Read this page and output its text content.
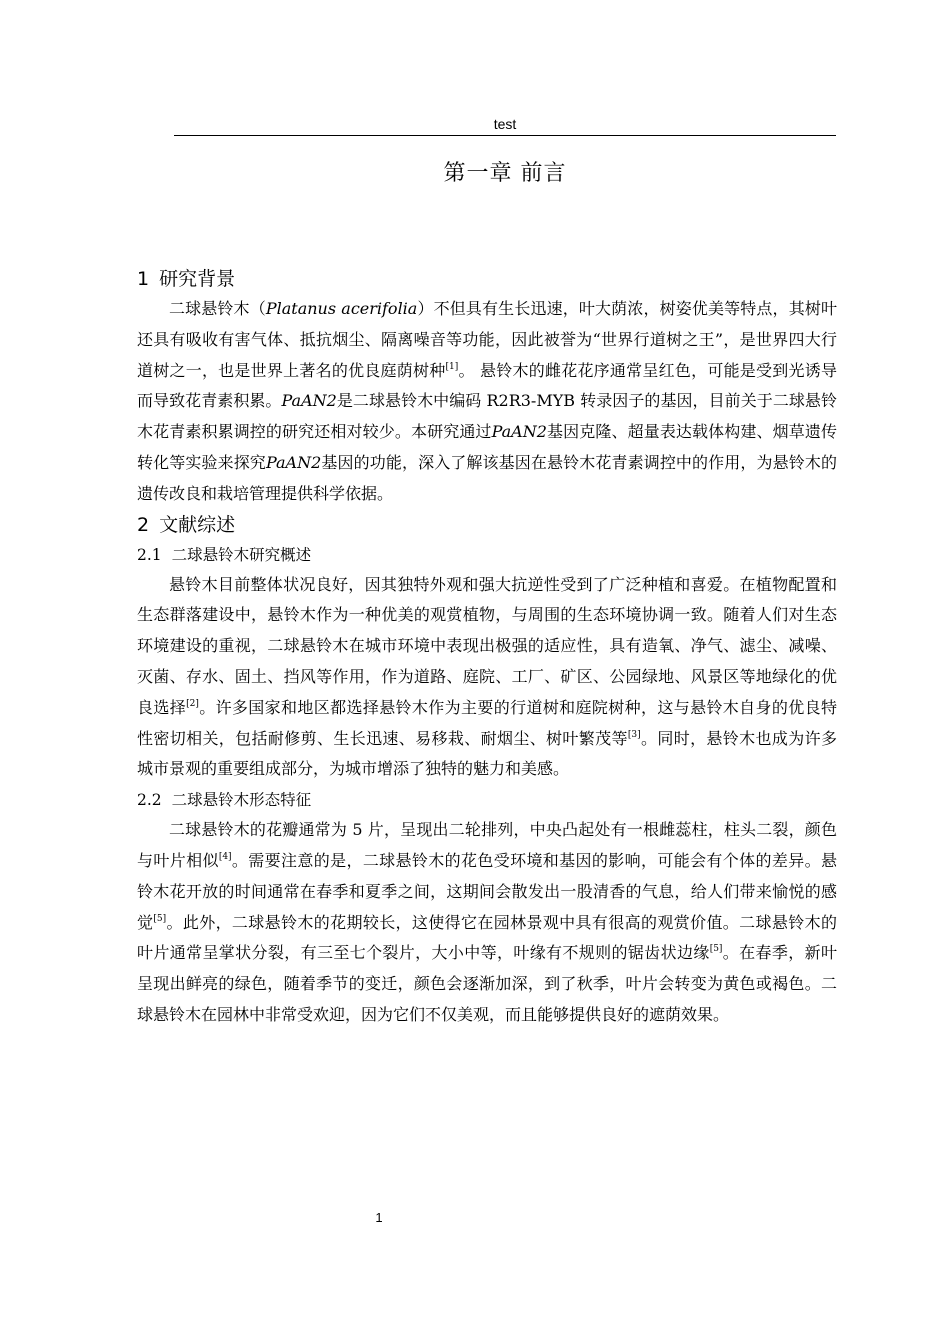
test
第一章 前言

1 研究背景

二球悬铃木（Platanus acerifolia）不但具有生长迅速，叶大荫浓，树姿优美等特点，其树叶还具有吸收有害气体、抵抗烟尘、隔离噪音等功能，因此被誉为“世界行道树之王”，是世界四大行道树之一，也是世界上著名的优良庭荫树种[1]。 悬铃木的雌花花序通常呈红色，可能是受到光诱导而导致花青素积累。PaAN2是二球悬铃木中编码 R2R3-MYB 转录因子的基因，目前关于二球悬铃木花青素积累调控的研究还相对较少。本研究通过PaAN2基因克隆、超量表达载体构建、烟草遗传转化等实验来探究PaAN2基因的功能，深入了解该基因在悬铃木花青素调控中的作用，为悬铃木的遗传改良和栽培管理提供科学依据。

2 文献综述

2.1 二球悬铃木研究概述

悬铃木目前整体状况良好，因其独特外观和强大抗逆性受到了广泛种植和喜爱。在植物配置和生态群落建设中，悬铃木作为一种优美的观赏植物，与周围的生态环境协调一致。随着人们对生态环境建设的重视，二球悬铃木在城市环境中表现出极强的适应性，具有造氧、净气、滤尘、减噪、灭菌、存水、固土、挡风等作用，作为道路、庭院、工厂、矿区、公园绿地、风景区等地绿化的优良选择[2]。许多国家和地区都选择悬铃木作为主要的行道树和庭院树种，这与悬铃木自身的优良特性密切相关，包括耐修剪、生长迅速、易移栽、耐烟尘、树叶繁茂等[3]。同时，悬铃木也成为许多城市景观的重要组成部分，为城市增添了独特的魅力和美感。

2.2 二球悬铃木形态特征

二球悬铃木的花瓣通常为 5 片，呈现出二轮排列，中央凸起处有一根雌蕊柱，柱头二裂，颜色与叶片相似[4]。需要注意的是，二球悬铃木的花色受环境和基因的影响，可能会有个体的差异。悬铃木花开放的时间通常在春季和夏季之间，这期间会散发出一股清香的气息，给人们带来愉悦的感觉[5]。此外，二球悬铃木的花期较长，这使得它在园林景观中具有很高的观赏价值。二球悬铃木的叶片通常呈掌状分裂，有三至七个裂片，大小中等，叶缘有不规则的锯齿状边缘[5]。在春季，新叶呈现出鲜亮的绿色，随着季节的变迁，颜色会逐渐加深，到了秋季，叶片会转变为黄色或褐色。二球悬铃木在园林中非常受欢迎，因为它们不仅美观，而且能够提供良好的遮荫效果。

1
